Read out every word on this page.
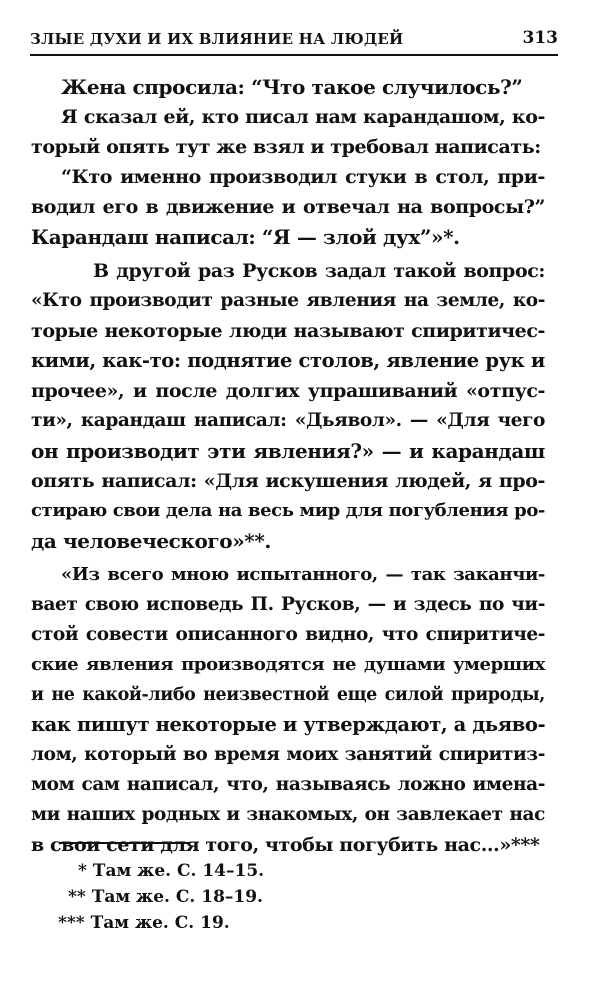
ЗЛЫЕ ДУХИ И ИХ ВЛИЯНИЕ НА ЛЮДЕЙ	313
Жена спросила: “Что такое случилось?”
Я сказал ей, кто писал нам карандашом, ко-
торый опять тут же взял и требовал написать:
“Кто именно производил стуки в стол, при-
водил его в движение и отвечал на вопросы?”
Карандаш написал: “Я — злой дух”»*.
В другой раз Русков задал такой вопрос:
«Кто производит разные явления на земле, ко-
торые некоторые люди называют спиритичес-
кими, как-то: поднятие столов, явление рук и
прочее», и после долгих упрашиваний «отпус-
ти», карандаш написал: «Дьявол». — «Для чего
он производит эти явления?» — и карандаш
опять написал: «Для искушения людей, я про-
стираю свои дела на весь мир для погубления ро-
да человеческого»**.
«Из всего мною испытанного, — так заканчи-
вает свою исповедь П. Русков, — и здесь по чи-
стой совести описанного видно, что спиритиче-
ские явления производятся не душами умерших
и не какой-либо неизвестной еще силой природы,
как пишут некоторые и утверждают, а дьяво-
лом, который во время моих занятий спиритиз-
мом сам написал, что, называясь ложно имена-
ми наших родных и знакомых, он завлекает нас
в свои сети для того, чтобы погубить нас...»***
* Там же. С. 14–15.
** Там же. С. 18–19.
*** Там же. С. 19.
